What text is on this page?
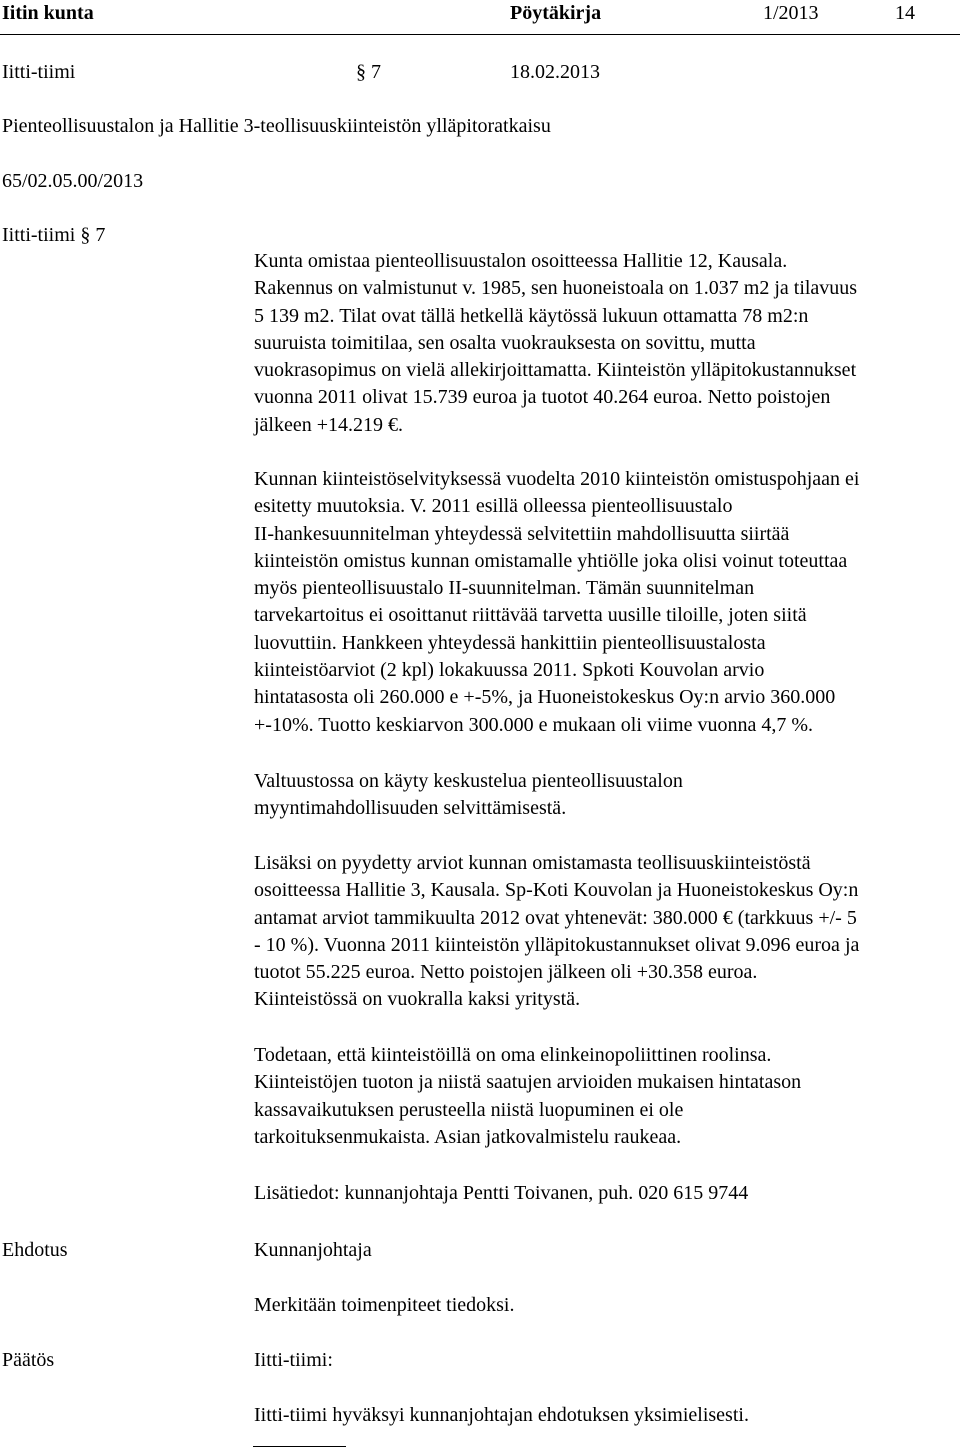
Iitin kunta	Pöytäkirja	1/2013	14
Iitti-tiimi	§ 7	18.02.2013
Pienteollisuustalon ja Hallitie 3-teollisuuskiinteistön ylläpitoratkaisu
65/02.05.00/2013
Iitti-tiimi § 7
Kunta omistaa pienteollisuustalon osoitteessa Hallitie 12, Kausala.
Rakennus on valmistunut v. 1985, sen huoneistoala on 1.037 m2 ja tilavuus
5 139 m2. Tilat ovat tällä hetkellä käytössä lukuun ottamatta 78 m2:n
suuruista toimitilaa, sen osalta vuokrauksesta on sovittu, mutta
vuokrasopimus on vielä allekirjoittamatta. Kiinteistön ylläpitokustannukset
vuonna 2011 olivat 15.739 euroa ja tuotot 40.264 euroa. Netto poistojen
jälkeen +14.219 €.
Kunnan kiinteistöselvityksessä vuodelta 2010 kiinteistön omistuspohjaan ei
esitetty muutoksia. V. 2011 esillä olleessa pienteollisuustalo
II-hankesuunnitelman yhteydessä selvitettiin mahdollisuutta siirtää
kiinteistön omistus kunnan omistamalle yhtiölle joka olisi voinut toteuttaa
myös pienteollisuustalo II-suunnitelman. Tämän suunnitelman
tarvekartoitus ei osoittanut riittävää tarvetta uusille tiloille, joten siitä
luovuttiin. Hankkeen yhteydessä hankittiin pienteollisuustalosta
kiinteistöarviot (2 kpl) lokakuussa 2011. Spkoti Kouvolan arvio
hintatasosta oli 260.000 e +-5%, ja Huoneistokeskus Oy:n arvio 360.000
+-10%. Tuotto keskiarvon 300.000 e mukaan oli viime vuonna 4,7 %.
Valtuustossa on käyty keskustelua pienteollisuustalon
myyntimahdollisuuden selvittämisestä.
Lisäksi on pyydetty arviot kunnan omistamasta teollisuuskiinteistöstä
osoitteessa Hallitie 3, Kausala. Sp-Koti Kouvolan ja Huoneistokeskus Oy:n
antamat arviot tammikuulta 2012 ovat yhtenevät: 380.000 € (tarkkuus +/- 5
- 10 %). Vuonna 2011 kiinteistön ylläpitokustannukset olivat 9.096 euroa ja
tuotot 55.225 euroa. Netto poistojen jälkeen oli +30.358 euroa.
Kiinteistössä on vuokralla kaksi yritystä.
Todetaan, että kiinteistöillä on oma elinkeinopoliittinen roolinsa.
Kiinteistöjen tuoton ja niistä saatujen arvioiden mukaisen hintatason
kassavaikutuksen perusteella niistä luopuminen ei ole
tarkoituksenmukaista. Asian jatkovalmistelu raukeaa.
Lisätiedot: kunnanjohtaja Pentti Toivanen, puh. 020 615 9744
Ehdotus	Kunnanjohtaja
Merkitään toimenpiteet tiedoksi.
Päätös	Iitti-tiimi:
Iitti-tiimi hyväksyi kunnanjohtajan ehdotuksen yksimielisesti.
